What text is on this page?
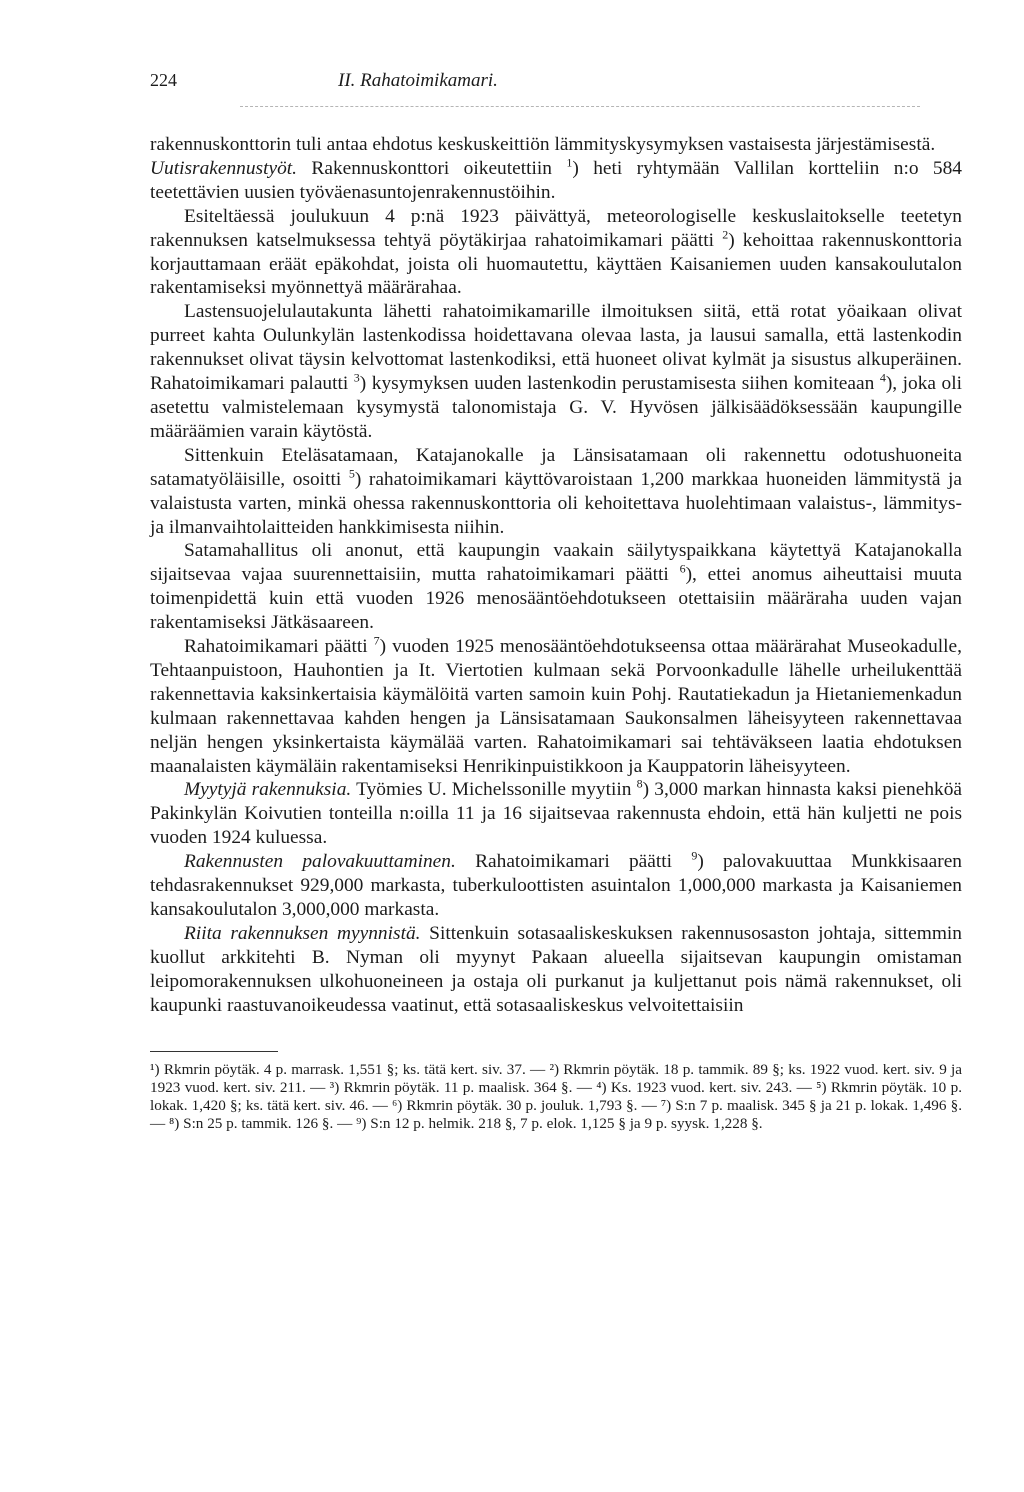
224	II. Rahatoimikamari.

rakennuskonttorin tuli antaa ehdotus keskuskeittiön lämmityskysymyksen vastaisesta järjestämisestä.

Uutisrakennustyöt. Rakennuskonttori oikeutettiin $^1$) heti ryhtymään Vallilan kortteliin n:o 584 teetettävien uusien työväenasuntojenrakennustöihin.

Esiteltäessä joulukuun 4 p:nä 1923 päivättyä, meteorologiselle keskuslaitokselle teetetyn rakennuksen katselmuksessa tehtyä pöytäkirjaa rahatoimikamari päätti $^2$) kehoittaa rakennuskonttoria korjauttamaan eräät epäkohdat, joista oli huomautettu, käyttäen Kaisaniemen uuden kansakoulutalon rakentamiseksi myönnettyä määrärahaa.

Lastensuojelulautakunta lähetti rahatoimikamarille ilmoituksen siitä, että rotat yöaikaan olivat purreet kahta Oulunkylän lastenkodissa hoidettavana olevaa lasta, ja lausui samalla, että lastenkodin rakennukset olivat täysin kelvottomat lastenkodiksi, että huoneet olivat kylmät ja sisustus alkuperäinen. Rahatoimikamari palautti $^3$) kysymyksen uuden lastenkodin perustamisesta siihen komiteaan $^4$), joka oli asetettu valmistelemaan kysymystä talonomistaja G. V. Hyvösen jälkisäädöksessään kaupungille määräämien varain käytöstä.

Sittenkuin Eteläsatamaan, Katajanokalle ja Länsisatamaan oli rakennettu odotushuoneita satamatyöläisille, osoitti $^5$) rahatoimikamari käyttövaroistaan 1,200 markkaa huoneiden lämmitystä ja valaistusta varten, minkä ohessa rakennuskonttoria oli kehoitettava huolehtimaan valaistus-, lämmitys- ja ilmanvaihtolaitteiden hankkimisesta niihin.

Satamahallitus oli anonut, että kaupungin vaakain säilytyspaikkana käytettyä Katajanokalla sijaitsevaa vajaa suurennettaisiin, mutta rahatoimikamari päätti $^6$), ettei anomus aiheuttaisi muuta toimenpidettä kuin että vuoden 1926 menosääntöehdotukseen otettaisiin määräraha uuden vajan rakentamiseksi Jätkäsaareen.

Rahatoimikamari päätti $^7$) vuoden 1925 menosääntöehdotukseensa ottaa määrärahat Museokadulle, Tehtaanpuistoon, Hauhontien ja It. Viertotien kulmaan sekä Porvoonkadulle lähelle urheilukenttää rakennettavia kaksinkertaisia käymälöitä varten samoin kuin Pohj. Rautatiekadun ja Hietaniemenkadun kulmaan rakennettavaa kahden hengen ja Länsisatamaan Saukonsalmen läheisyyteen rakennettavaa neljän hengen yksinkertaista käymälää varten. Rahatoimikamari sai tehtäväkseen laatia ehdotuksen maanalaisten käymäläin rakentamiseksi Henrikinpuistikkoon ja Kauppatorin läheisyyteen.

Myytyjä rakennuksia. Työmies U. Michelssonille myytiin $^8$) 3,000 markan hinnasta kaksi pienehköä Pakinkylän Koivutien tonteilla n:oilla 11 ja 16 sijaitsevaa rakennusta ehdoin, että hän kuljetti ne pois vuoden 1924 kuluessa.

Rakennusten palovakuuttaminen. Rahatoimikamari päätti $^9$) palovakuuttaa Munkkisaaren tehdasrakennukset 929,000 markasta, tuberkuloottisten asuintalon 1,000,000 markasta ja Kaisaniemen kansakoulutalon 3,000,000 markasta.

Riita rakennuksen myynnistä. Sittenkuin sotasaaliskeskuksen rakennusosaston johtaja, sittemmin kuollut arkkitehti B. Nyman oli myynyt Pakaan alueella sijaitsevan kaupungin omistaman leipomorakennuksen ulkohuoneineen ja ostaja oli purkanut ja kuljettanut pois nämä rakennukset, oli kaupunki raastuvanoikeudessa vaatinut, että sotasaaliskeskus velvoitettaisiin

¹) Rkmrin pöytäk. 4 p. marrask. 1,551 §; ks. tätä kert. siv. 37. — ²) Rkmrin pöytäk. 18 p. tammik. 89 §; ks. 1922 vuod. kert. siv. 9 ja 1923 vuod. kert. siv. 211. — ³) Rkmrin pöytäk. 11 p. maalisk. 364 §. — ⁴) Ks. 1923 vuod. kert. siv. 243. — ⁵) Rkmrin pöytäk. 10 p. lokak. 1,420 §; ks. tätä kert. siv. 46. — ⁶) Rkmrin pöytäk. 30 p. jouluk. 1,793 §. — ⁷) S:n 7 p. maalisk. 345 § ja 21 p. lokak. 1,496 §. — ⁸) S:n 25 p. tammik. 126 §. — ⁹) S:n 12 p. helmik. 218 §, 7 p. elok. 1,125 § ja 9 p. syysk. 1,228 §.
